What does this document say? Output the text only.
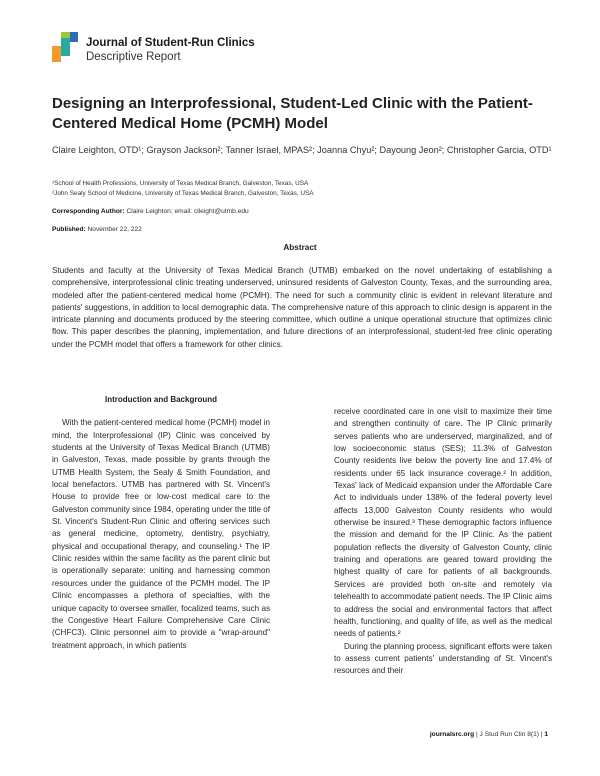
Journal of Student-Run Clinics
Descriptive Report
Designing an Interprofessional, Student-Led Clinic with the Patient-Centered Medical Home (PCMH) Model
Claire Leighton, OTD¹; Grayson Jackson²; Tanner Israel, MPAS²; Joanna Chyu²; Dayoung Jeon²; Christopher Garcia, OTD¹
¹School of Health Professions, University of Texas Medical Branch, Galveston, Texas, USA
²John Sealy School of Medicine, University of Texas Medical Branch, Galveston, Texas, USA
Corresponding Author: Claire Leighton; email: clleight@utmb.edu
Published: November 22, 222
Abstract
Students and faculty at the University of Texas Medical Branch (UTMB) embarked on the novel undertaking of establishing a comprehensive, interprofessional clinic treating underserved, uninsured residents of Galveston County, Texas, and the surrounding area, modeled after the patient-centered medical home (PCMH). The need for such a community clinic is evident in relevant literature and patients' suggestions, in addition to local demographic data. The comprehensive nature of this approach to clinic design is apparent in the intricate planning and documents produced by the steering committee, which outline a unique operational structure that optimizes clinic flow. This paper describes the planning, implementation, and future directions of an interprofessional, student-led free clinic operating under the PCMH model that offers a framework for other clinics.
Introduction and Background

With the patient-centered medical home (PCMH) model in mind, the Interprofessional (IP) Clinic was conceived by students at the University of Texas Medical Branch (UTMB) in Galveston, Texas, made possible by grants through the UTMB Health System, the Sealy & Smith Foundation, and local benefactors. UTMB has partnered with St. Vincent's House to provide free or low-cost medical care to the Galveston community since 1984, operating under the title of St. Vincent's Student-Run Clinic and offering services such as general medicine, optometry, dentistry, psychiatry, physical and occupational therapy, and counseling.¹ The IP Clinic resides within the same facility as the parent clinic but is operationally separate: uniting and harnessing common resources under the guidance of the PCMH model. The IP Clinic encompasses a plethora of specialties, with the unique capacity to oversee smaller, focalized teams, such as the Congestive Heart Failure Comprehensive Care Clinic (CHFC3). Clinic personnel aim to provide a "wrap-around" treatment approach, in which patients

receive coordinated care in one visit to maximize their time and strengthen continuity of care. The IP Clinic primarily serves patients who are underserved, marginalized, and of low socioeconomic status (SES); 11.3% of Galveston County residents live below the poverty line and 17.4% of residents under 65 lack insurance coverage.² In addition, Texas' lack of Medicaid expansion under the Affordable Care Act to individuals under 138% of the federal poverty level affects 13,000 Galveston County residents who would otherwise be insured.³ These demographic factors influence the mission and demand for the IP Clinic. As the patient population reflects the diversity of Galveston County, clinic training and operations are geared toward providing the highest quality of care for patients of all backgrounds. Services are provided both on-site and remotely via telehealth to accommodate patient needs. The IP Clinic aims to address the social and environmental factors that affect health, functioning, and quality of life, as well as the medical needs of patients.²

During the planning process, significant efforts were taken to assess current patients' understanding of St. Vincent's resources and their

journalsrc.org | J Stud Run Clin 8(1) | 1
